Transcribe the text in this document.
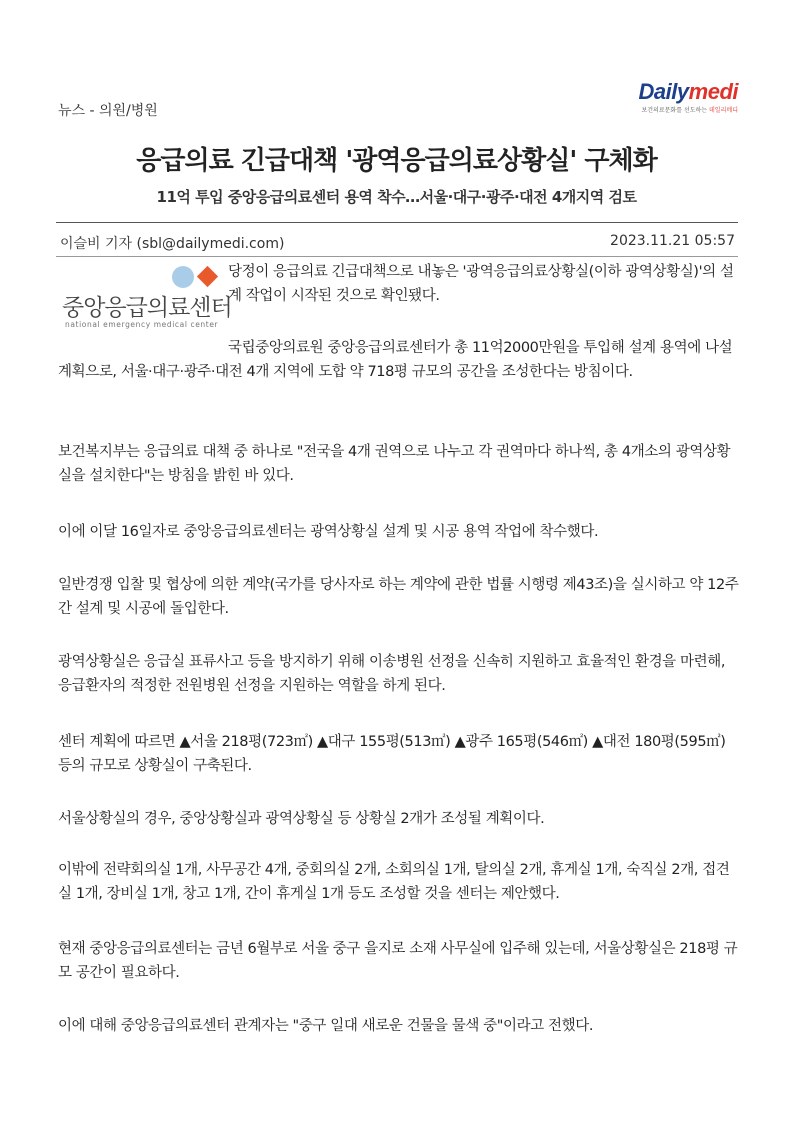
뉴스 - 의원/병원
Dailymedi
보건의료문화를 선도하는 데일리메디
응급의료 긴급대책 '광역응급의료상황실' 구체화
11억 투입 중앙응급의료센터 용역 착수…서울·대구·광주·대전 4개지역 검토
이슬비 기자 (sbl@dailymedi.com)	2023.11.21 05:57
중앙응급의료센터
national emergency medical center

당정이 응급의료 긴급대책으로 내놓은 '광역응급의료상황실(이하 광역상황실)'의 설계 작업이 시작된 것으로 확인됐다.

국립중앙의료원 중앙응급의료센터가 총 11억2000만원을 투입해 설계 용역에 나설 계획으로, 서울·대구·광주·대전 4개 지역에 도합 약 718평 규모의 공간을 조성한다는 방침이다.

보건복지부는 응급의료 대책 중 하나로 "전국을 4개 권역으로 나누고 각 권역마다 하나씩, 총 4개소의 광역상황실을 설치한다"는 방침을 밝힌 바 있다.

이에 이달 16일자로 중앙응급의료센터는 광역상황실 설계 및 시공 용역 작업에 착수했다.

일반경쟁 입찰 및 협상에 의한 계약(국가를 당사자로 하는 계약에 관한 법률 시행령 제43조)을 실시하고 약 12주 간 설계 및 시공에 돌입한다.

광역상황실은 응급실 표류사고 등을 방지하기 위해 이송병원 선정을 신속히 지원하고 효율적인 환경을 마련해, 응급환자의 적정한 전원병원 선정을 지원하는 역할을 하게 된다.

센터 계획에 따르면 ▲서울 218평(723㎡) ▲대구 155평(513㎡) ▲광주 165평(546㎡) ▲대전 180평(595㎡) 등의 규모로 상황실이 구축된다.

서울상황실의 경우, 중앙상황실과 광역상황실 등 상황실 2개가 조성될 계획이다.

이밖에 전략회의실 1개, 사무공간 4개, 중회의실 2개, 소회의실 1개, 탈의실 2개, 휴게실 1개, 숙직실 2개, 접견실 1개, 장비실 1개, 창고 1개, 간이 휴게실 1개 등도 조성할 것을 센터는 제안했다.

현재 중앙응급의료센터는 금년 6월부로 서울 중구 을지로 소재 사무실에 입주해 있는데, 서울상황실은 218평 규모 공간이 필요하다.

이에 대해 중앙응급의료센터 관계자는 "중구 일대 새로운 건물을 물색 중"이라고 전했다.
